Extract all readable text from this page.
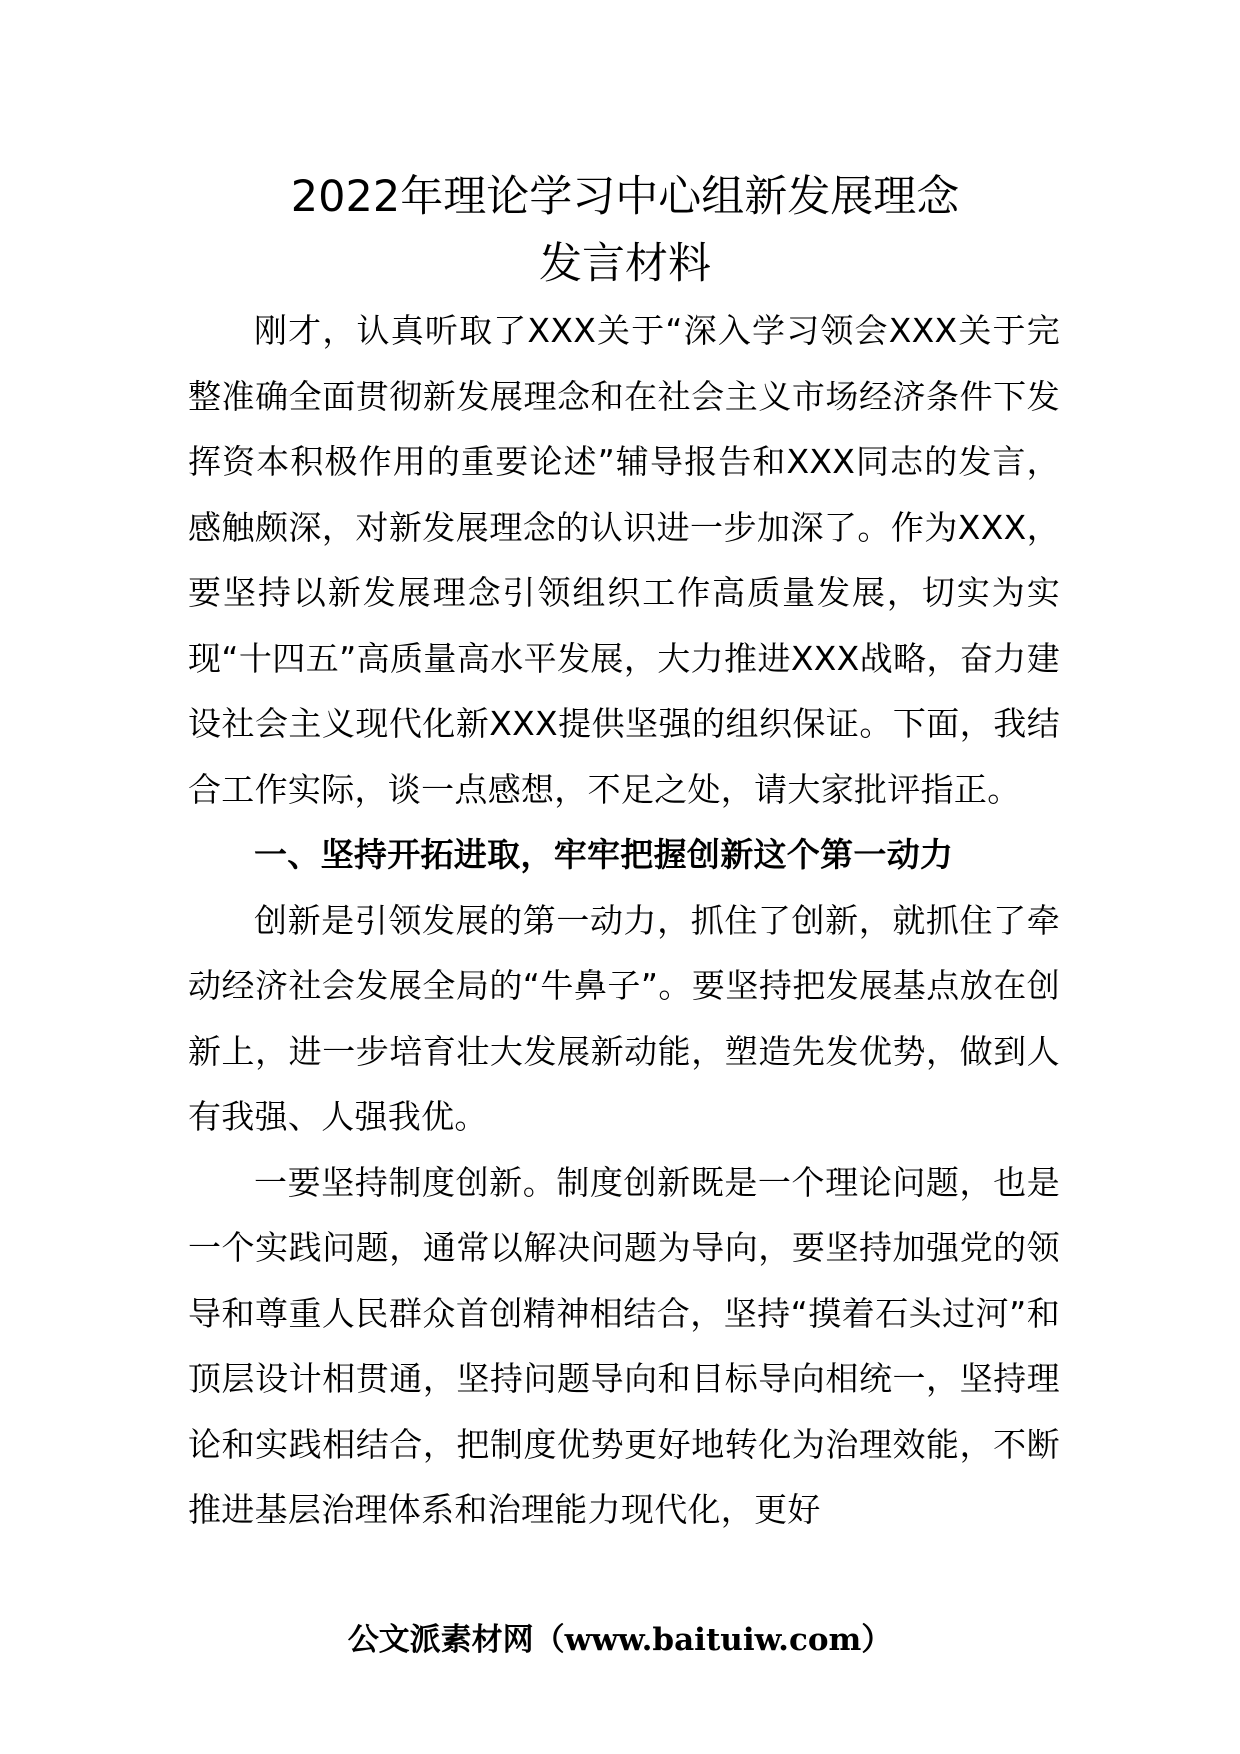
2022年理论学习中心组新发展理念
发言材料

刚才，认真听取了XXX关于“深入学习领会XXX关于完整准确全面贯彻新发展理念和在社会主义市场经济条件下发挥资本积极作用的重要论述”辅导报告和XXX同志的发言，感触颇深，对新发展理念的认识进一步加深了。作为XXX，要坚持以新发展理念引领组织工作高质量发展，切实为实现“十四五”高质量高水平发展，大力推进XXX战略，奋力建设社会主义现代化新XXX提供坚强的组织保证。下面，我结合工作实际，谈一点感想，不足之处，请大家批评指正。

一、坚持开拓进取，牢牢把握创新这个第一动力

创新是引领发展的第一动力，抓住了创新，就抓住了牵动经济社会发展全局的“牛鼻子”。要坚持把发展基点放在创新上，进一步培育壮大发展新动能，塑造先发优势，做到人有我强、人强我优。

一要坚持制度创新。制度创新既是一个理论问题，也是一个实践问题，通常以解决问题为导向，要坚持加强党的领导和尊重人民群众首创精神相结合，坚持“摸着石头过河”和顶层设计相贯通，坚持问题导向和目标导向相统一，坚持理论和实践相结合，把制度优势更好地转化为治理效能，不断推进基层治理体系和治理能力现代化，更好

公文派素材网（www.baituiw.com）
